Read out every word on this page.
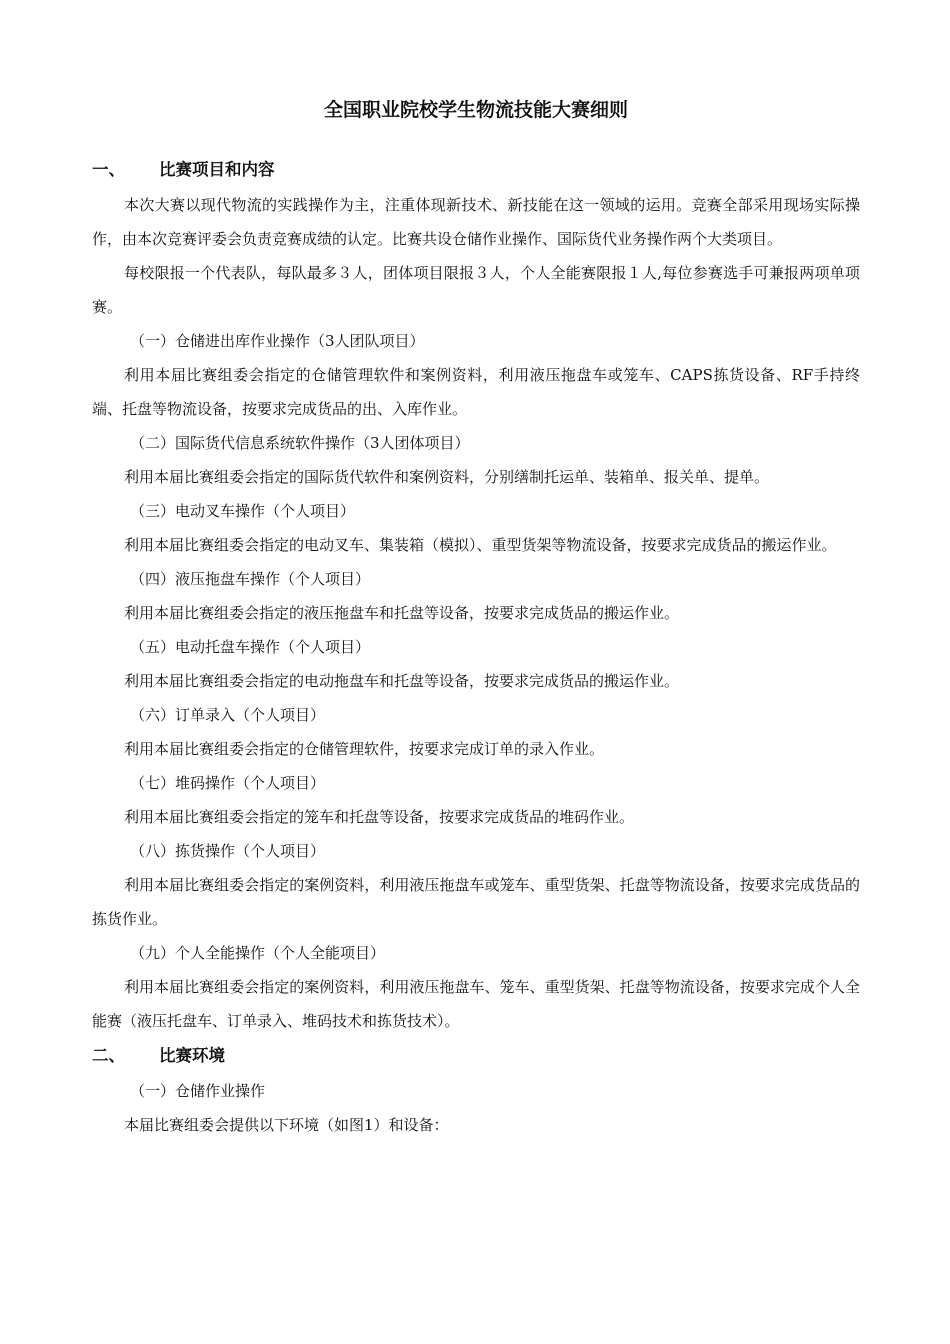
全国职业院校学生物流技能大赛细则
一、	比赛项目和内容

本次大赛以现代物流的实践操作为主，注重体现新技术、新技能在这一领域的运用。竞赛全部采用现场实际操作，由本次竞赛评委会负责竞赛成绩的认定。比赛共设仓储作业操作、国际货代业务操作两个大类项目。

每校限报一个代表队，每队最多３人，团体项目限报３人，个人全能赛限报１人,每位参赛选手可兼报两项单项赛。

（一）仓储进出库作业操作（3人团队项目）

利用本届比赛组委会指定的仓储管理软件和案例资料，利用液压拖盘车或笼车、CAPS拣货设备、RF手持终端、托盘等物流设备，按要求完成货品的出、入库作业。

（二）国际货代信息系统软件操作（3人团体项目）

利用本届比赛组委会指定的国际货代软件和案例资料，分别缮制托运单、装箱单、报关单、提单。

（三）电动叉车操作（个人项目）

利用本届比赛组委会指定的电动叉车、集装箱（模拟）、重型货架等物流设备，按要求完成货品的搬运作业。

（四）液压拖盘车操作（个人项目）

利用本届比赛组委会指定的液压拖盘车和托盘等设备，按要求完成货品的搬运作业。

（五）电动托盘车操作（个人项目）

利用本届比赛组委会指定的电动拖盘车和托盘等设备，按要求完成货品的搬运作业。

（六）订单录入（个人项目）

利用本届比赛组委会指定的仓储管理软件，按要求完成订单的录入作业。

（七）堆码操作（个人项目）

利用本届比赛组委会指定的笼车和托盘等设备，按要求完成货品的堆码作业。

（八）拣货操作（个人项目）

利用本届比赛组委会指定的案例资料，利用液压拖盘车或笼车、重型货架、托盘等物流设备，按要求完成货品的拣货作业。

（九）个人全能操作（个人全能项目）

利用本届比赛组委会指定的案例资料，利用液压拖盘车、笼车、重型货架、托盘等物流设备，按要求完成个人全能赛（液压托盘车、订单录入、堆码技术和拣货技术）。

二、	比赛环境

（一）仓储作业操作

本届比赛组委会提供以下环境（如图1）和设备：
